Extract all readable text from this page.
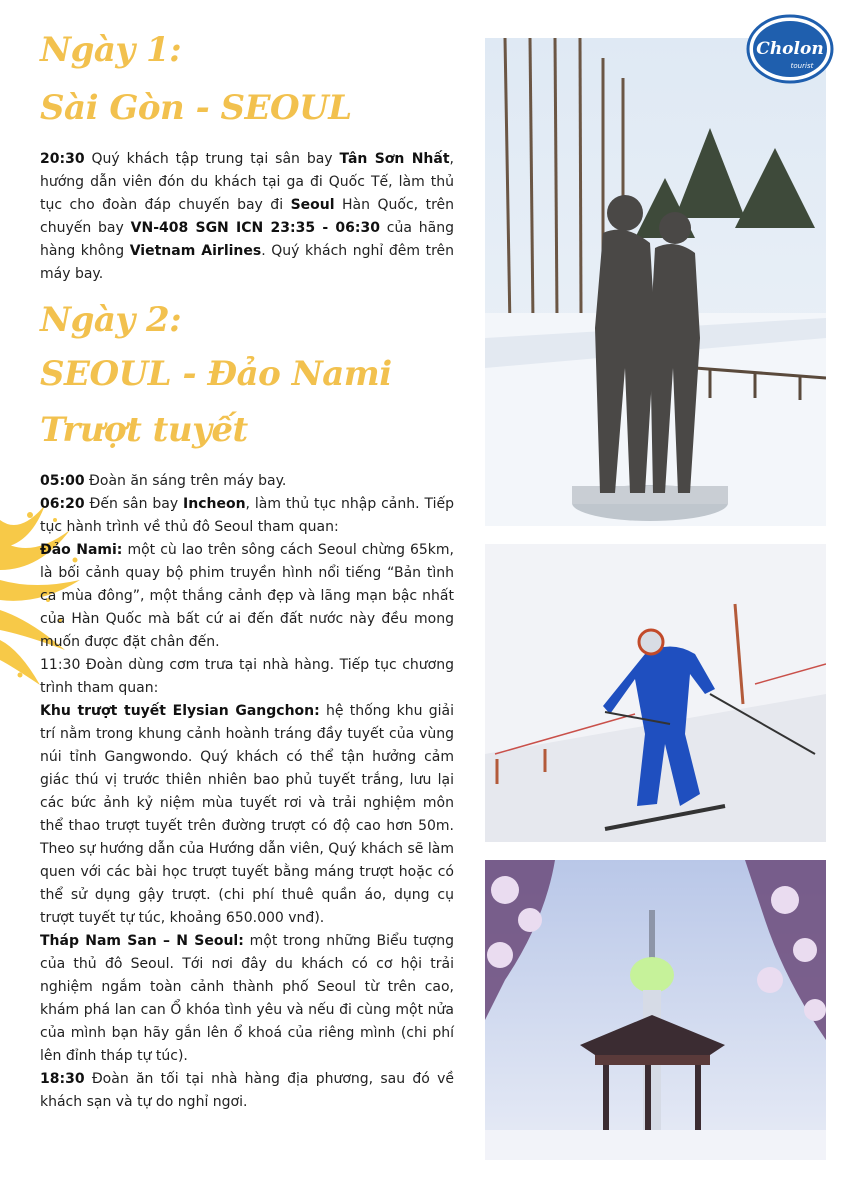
Ngày 1:
Sài Gòn - SEOUL
20:30 Quý khách tập trung tại sân bay Tân Sơn Nhất, hướng dẫn viên đón du khách tại ga đi Quốc Tế, làm thủ tục cho đoàn đáp chuyến bay đi Seoul Hàn Quốc, trên chuyến bay VN-408 SGN ICN 23:35 - 06:30 của hãng hàng không Vietnam Airlines. Quý khách nghỉ đêm trên máy bay.
Ngày 2:
SEOUL - Đảo Nami
Trượt tuyết
05:00 Đoàn ăn sáng trên máy bay.
06:20 Đến sân bay Incheon, làm thủ tục nhập cảnh. Tiếp tục hành trình về thủ đô Seoul tham quan:
Đảo Nami: một cù lao trên sông cách Seoul chừng 65km, là bối cảnh quay bộ phim truyền hình nổi tiếng “Bản tình ca mùa đông”, một thắng cảnh đẹp và lãng mạn bậc nhất của Hàn Quốc mà bất cứ ai đến đất nước này đều mong muốn được đặt chân đến.
11:30 Đoàn dùng cơm trưa tại nhà hàng. Tiếp tục chương trình tham quan:
Khu trượt tuyết Elysian Gangchon: hệ thống khu giải trí nằm trong khung cảnh hoành tráng đầy tuyết của vùng núi tỉnh Gangwondo. Quý khách có thể tận hưởng cảm giác thú vị trước thiên nhiên bao phủ tuyết trắng, lưu lại các bức ảnh kỷ niệm mùa tuyết rơi và trải nghiệm môn thể thao trượt tuyết trên đường trượt có độ cao hơn 50m. Theo sự hướng dẫn của Hướng dẫn viên, Quý khách sẽ làm quen với các bài học trượt tuyết bằng máng trượt hoặc có thể sử dụng gậy trượt. (chi phí thuê quần áo, dụng cụ trượt tuyết tự túc, khoảng 650.000 vnđ).
Tháp Nam San – N Seoul: một trong những Biểu tượng của thủ đô Seoul. Tới nơi đây du khách có cơ hội trải nghiệm ngắm toàn cảnh thành phố Seoul từ trên cao, khám phá lan can Ổ khóa tình yêu và nếu đi cùng một nửa của mình bạn hãy gắn lên ổ khoá của riêng mình (chi phí lên đỉnh tháp tự túc).
18:30 Đoàn ăn tối tại nhà hàng địa phương, sau đó về khách sạn và tự do nghỉ ngơi.
Cholon
tourist
